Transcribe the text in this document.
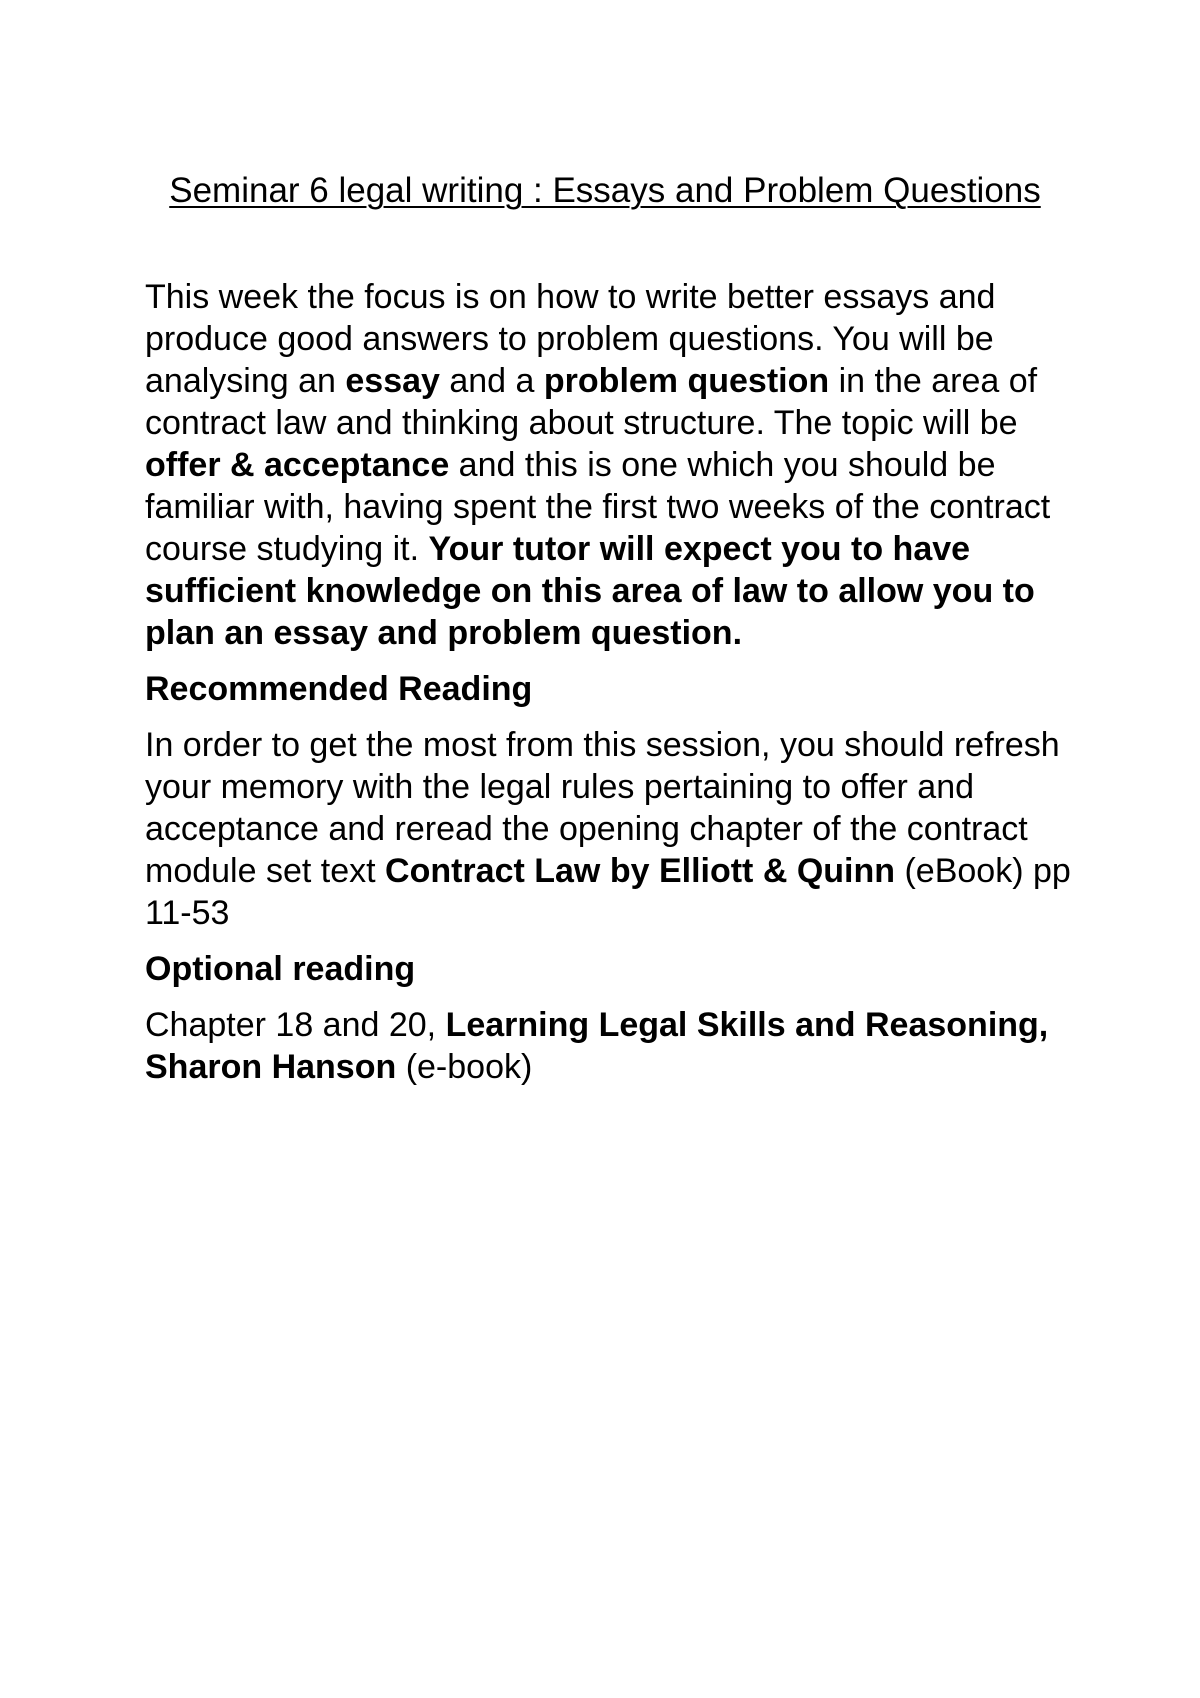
Seminar 6 legal writing : Essays and Problem Questions

This week the focus is on how to write better essays and produce good answers to problem questions. You will be analysing an essay and a problem question in the area of contract law and thinking about structure. The topic will be offer & acceptance and this is one which you should be familiar with, having spent the first two weeks of the contract course studying it. Your tutor will expect you to have sufficient knowledge on this area of law to allow you to plan an essay and problem question.

Recommended Reading

In order to get the most from this session, you should refresh your memory with the legal rules pertaining to offer and acceptance and reread the opening chapter of the contract module set text Contract Law by Elliott & Quinn (eBook) pp 11-53

Optional reading

Chapter 18 and 20, Learning Legal Skills and Reasoning, Sharon Hanson (e-book)
